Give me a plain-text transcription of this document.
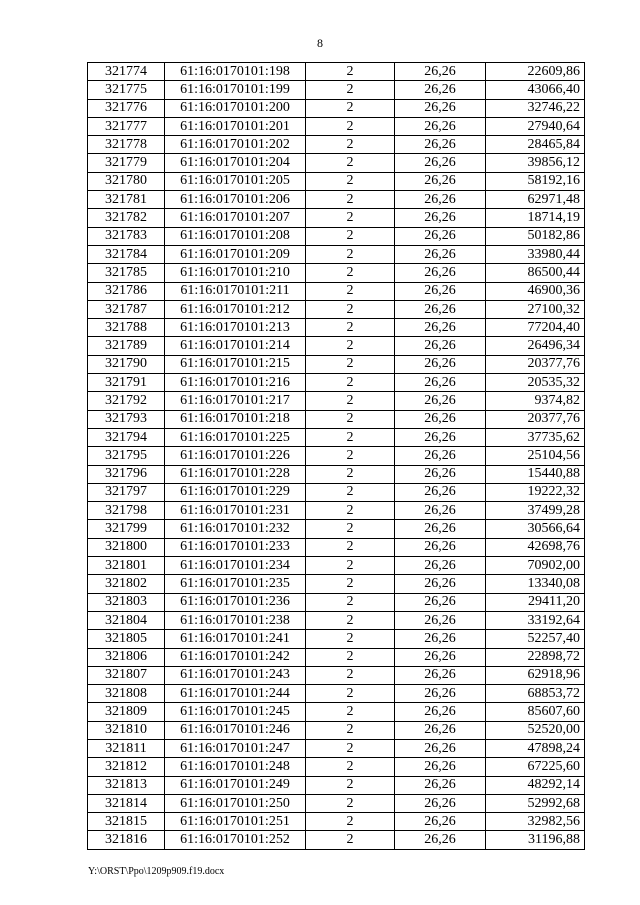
8
321774	61:16:0170101:198	2	26,26	22609,86
321775	61:16:0170101:199	2	26,26	43066,40
321776	61:16:0170101:200	2	26,26	32746,22
321777	61:16:0170101:201	2	26,26	27940,64
321778	61:16:0170101:202	2	26,26	28465,84
321779	61:16:0170101:204	2	26,26	39856,12
321780	61:16:0170101:205	2	26,26	58192,16
321781	61:16:0170101:206	2	26,26	62971,48
321782	61:16:0170101:207	2	26,26	18714,19
321783	61:16:0170101:208	2	26,26	50182,86
321784	61:16:0170101:209	2	26,26	33980,44
321785	61:16:0170101:210	2	26,26	86500,44
321786	61:16:0170101:211	2	26,26	46900,36
321787	61:16:0170101:212	2	26,26	27100,32
321788	61:16:0170101:213	2	26,26	77204,40
321789	61:16:0170101:214	2	26,26	26496,34
321790	61:16:0170101:215	2	26,26	20377,76
321791	61:16:0170101:216	2	26,26	20535,32
321792	61:16:0170101:217	2	26,26	9374,82
321793	61:16:0170101:218	2	26,26	20377,76
321794	61:16:0170101:225	2	26,26	37735,62
321795	61:16:0170101:226	2	26,26	25104,56
321796	61:16:0170101:228	2	26,26	15440,88
321797	61:16:0170101:229	2	26,26	19222,32
321798	61:16:0170101:231	2	26,26	37499,28
321799	61:16:0170101:232	2	26,26	30566,64
321800	61:16:0170101:233	2	26,26	42698,76
321801	61:16:0170101:234	2	26,26	70902,00
321802	61:16:0170101:235	2	26,26	13340,08
321803	61:16:0170101:236	2	26,26	29411,20
321804	61:16:0170101:238	2	26,26	33192,64
321805	61:16:0170101:241	2	26,26	52257,40
321806	61:16:0170101:242	2	26,26	22898,72
321807	61:16:0170101:243	2	26,26	62918,96
321808	61:16:0170101:244	2	26,26	68853,72
321809	61:16:0170101:245	2	26,26	85607,60
321810	61:16:0170101:246	2	26,26	52520,00
321811	61:16:0170101:247	2	26,26	47898,24
321812	61:16:0170101:248	2	26,26	67225,60
321813	61:16:0170101:249	2	26,26	48292,14
321814	61:16:0170101:250	2	26,26	52992,68
321815	61:16:0170101:251	2	26,26	32982,56
321816	61:16:0170101:252	2	26,26	31196,88
Y:\ORST\Ppo\1209p909.f19.docx
